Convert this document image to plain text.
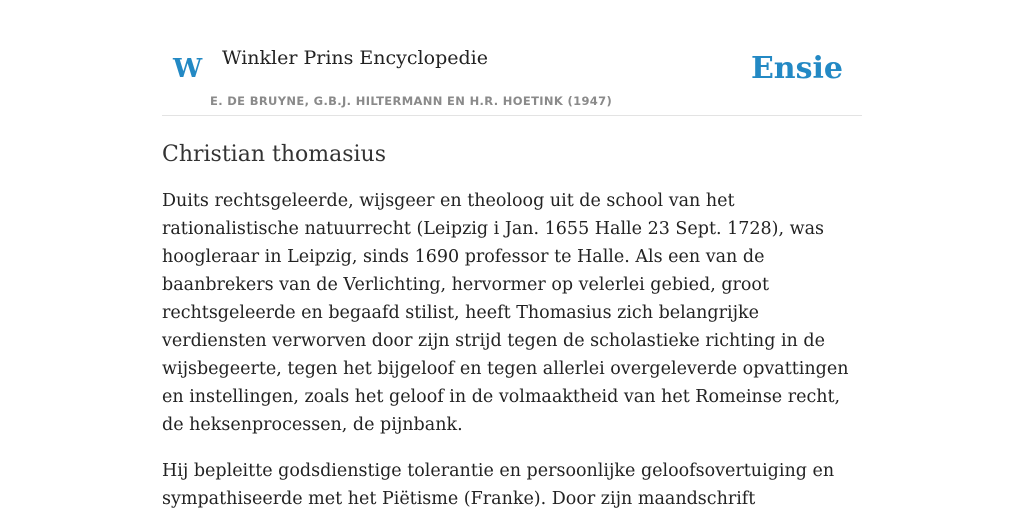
W Winkler Prins Encyclopedie
E. DE BRUYNE, G.B.J. HILTERMANN EN H.R. HOETINK (1947)
Ensie
Christian thomasius

Duits rechtsgeleerde, wijsgeer en theoloog uit de school van het rationalistische natuurrecht (Leipzig i Jan. 1655 Halle 23 Sept. 1728), was hoogleraar in Leipzig, sinds 1690 professor te Halle. Als een van de baanbrekers van de Verlichting, hervormer op velerlei gebied, groot rechtsgeleerde en begaafd stilist, heeft Thomasius zich belangrijke verdiensten verworven door zijn strijd tegen de scholastieke richting in de wijsbegeerte, tegen het bijgeloof en tegen allerlei overgeleverde opvattingen en instellingen, zoals het geloof in de volmaaktheid van het Romeinse recht, de heksenprocessen, de pijnbank.

Hij bepleitte godsdienstige tolerantie en persoonlijke geloofsovertuiging en sympathiseerde met het Piëtisme (Franke). Door zijn maandschrift
